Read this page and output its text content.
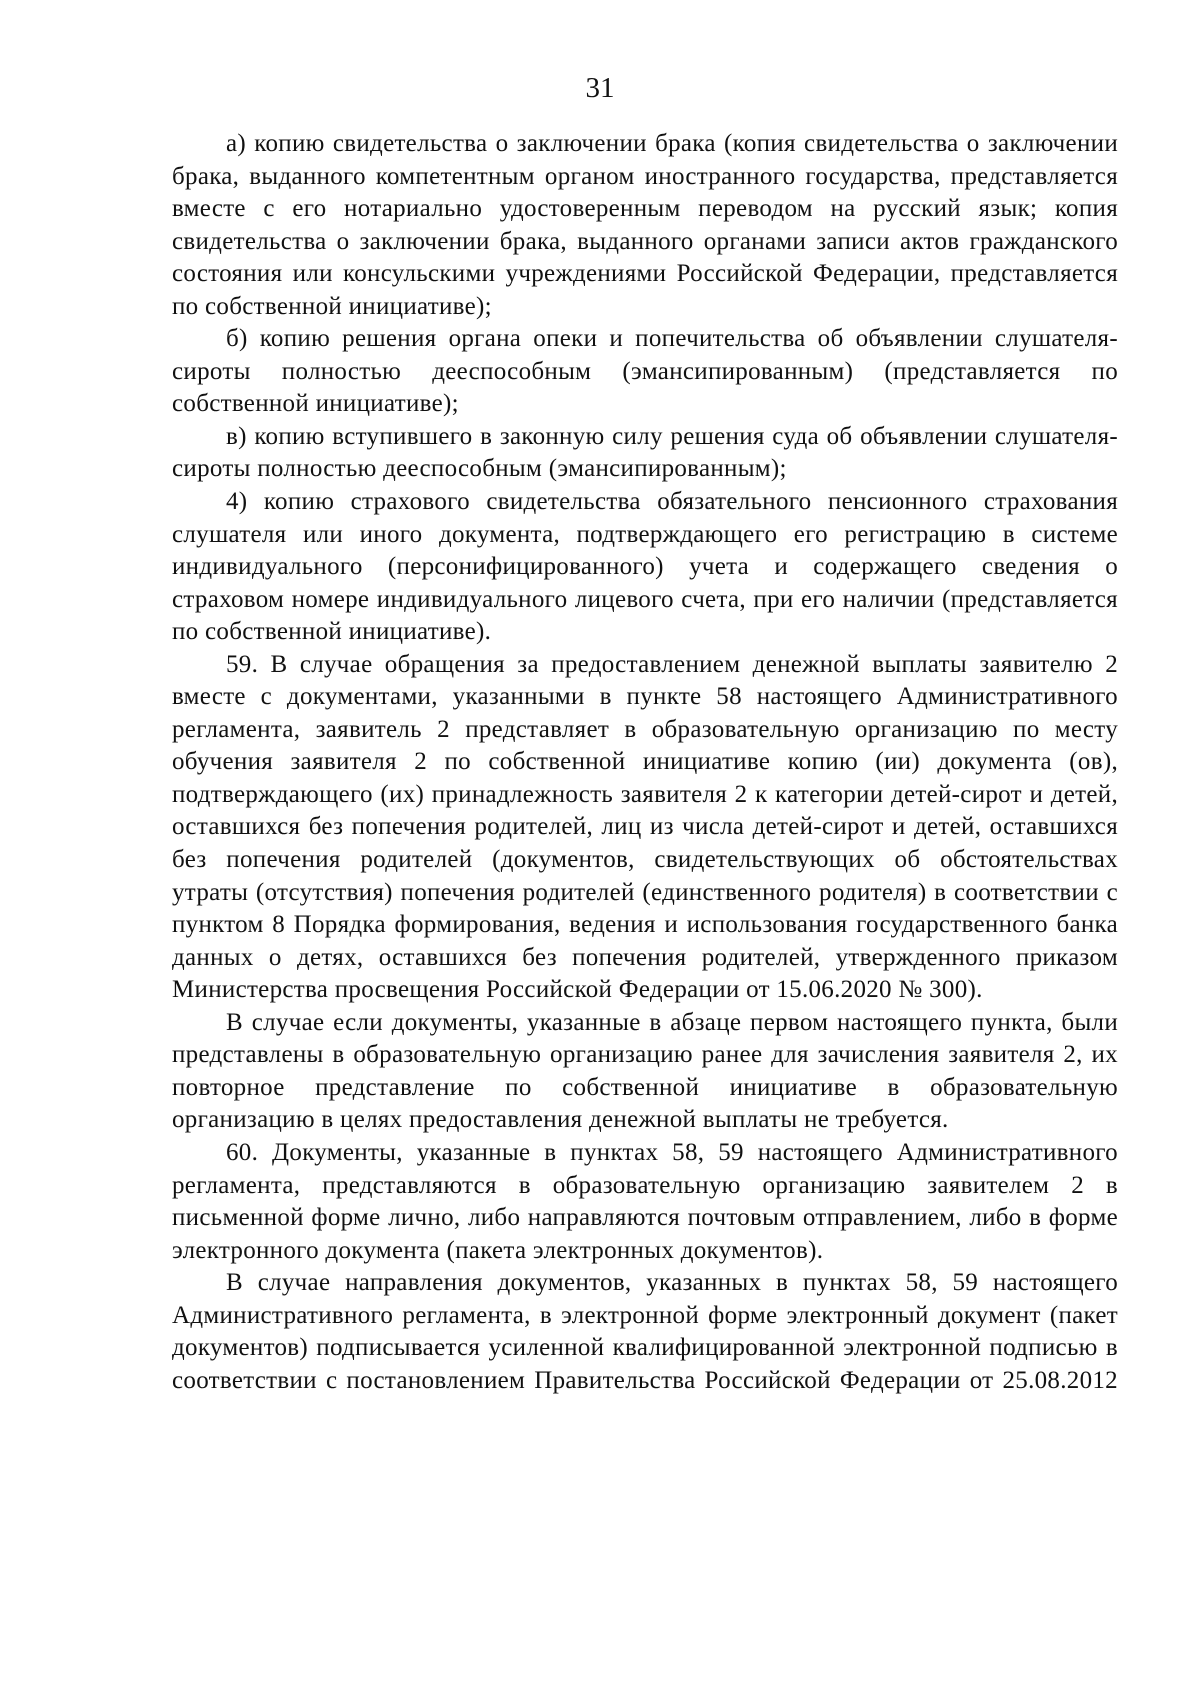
31

а) копию свидетельства о заключении брака (копия свидетельства о заключении брака, выданного компетентным органом иностранного государства, представляется вместе с его нотариально удостоверенным переводом на русский язык; копия свидетельства о заключении брака, выданного органами записи актов гражданского состояния или консульскими учреждениями Российской Федерации, представляется по собственной инициативе);

б) копию решения органа опеки и попечительства об объявлении слушателя-сироты полностью дееспособным (эмансипированным) (представляется по собственной инициативе);

в) копию вступившего в законную силу решения суда об объявлении слушателя-сироты полностью дееспособным (эмансипированным);

4) копию страхового свидетельства обязательного пенсионного страхования слушателя или иного документа, подтверждающего его регистрацию в системе индивидуального (персонифицированного) учета и содержащего сведения о страховом номере индивидуального лицевого счета, при его наличии (представляется по собственной инициативе).

59. В случае обращения за предоставлением денежной выплаты заявителю 2 вместе с документами, указанными в пункте 58 настоящего Административного регламента, заявитель 2 представляет в образовательную организацию по месту обучения заявителя 2 по собственной инициативе копию (ии) документа (ов), подтверждающего (их) принадлежность заявителя 2 к категории детей-сирот и детей, оставшихся без попечения родителей, лиц из числа детей-сирот и детей, оставшихся без попечения родителей (документов, свидетельствующих об обстоятельствах утраты (отсутствия) попечения родителей (единственного родителя) в соответствии с пунктом 8 Порядка формирования, ведения и использования государственного банка данных о детях, оставшихся без попечения родителей, утвержденного приказом Министерства просвещения Российской Федерации от 15.06.2020 № 300).

В случае если документы, указанные в абзаце первом настоящего пункта, были представлены в образовательную организацию ранее для зачисления заявителя 2, их повторное представление по собственной инициативе в образовательную организацию в целях предоставления денежной выплаты не требуется.

60. Документы, указанные в пунктах 58, 59 настоящего Административного регламента, представляются в образовательную организацию заявителем 2 в письменной форме лично, либо направляются почтовым отправлением, либо в форме электронного документа (пакета электронных документов).

В случае направления документов, указанных в пунктах 58, 59 настоящего Административного регламента, в электронной форме электронный документ (пакет документов) подписывается усиленной квалифицированной электронной подписью в соответствии с постановлением Правительства Российской Федерации от 25.08.2012
